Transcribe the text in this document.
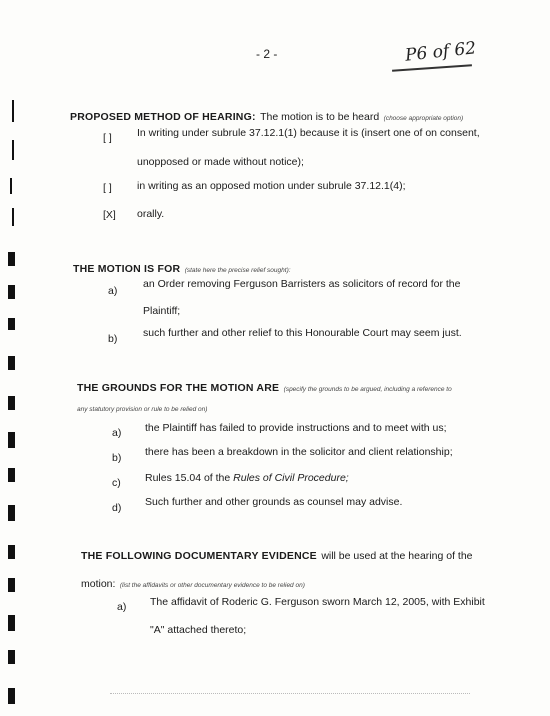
- 2 -	P6 of 62
PROPOSED METHOD OF HEARING: The motion is to be heard (choose appropriate option)
[ ] In writing under subrule 37.12.1(1) because it is (insert one of on consent,
unopposed or made without notice);
[ ] in writing as an opposed motion under subrule 37.12.1(4);
[X] orally.
THE MOTION IS FOR (state here the precise relief sought):
a)
an Order removing Ferguson Barristers as solicitors of record for the
Plaintiff;
b) such further and other relief to this Honourable Court may seem just.
THE GROUNDS FOR THE MOTION ARE (specify the grounds to be argued, including a reference to
any statutory provision or rule to be relied on)
a) the Plaintiff has failed to provide instructions and to meet with us;
b) there has been a breakdown in the solicitor and client relationship;
c) Rules 15.04 of the Rules of Civil Procedure;
d) Such further and other grounds as counsel may advise.
THE FOLLOWING DOCUMENTARY EVIDENCE will be used at the hearing of the
motion: (list the affidavits or other documentary evidence to be relied on)
a) The affidavit of Roderic G. Ferguson sworn March 12, 2005, with Exhibit
"A" attached thereto;
